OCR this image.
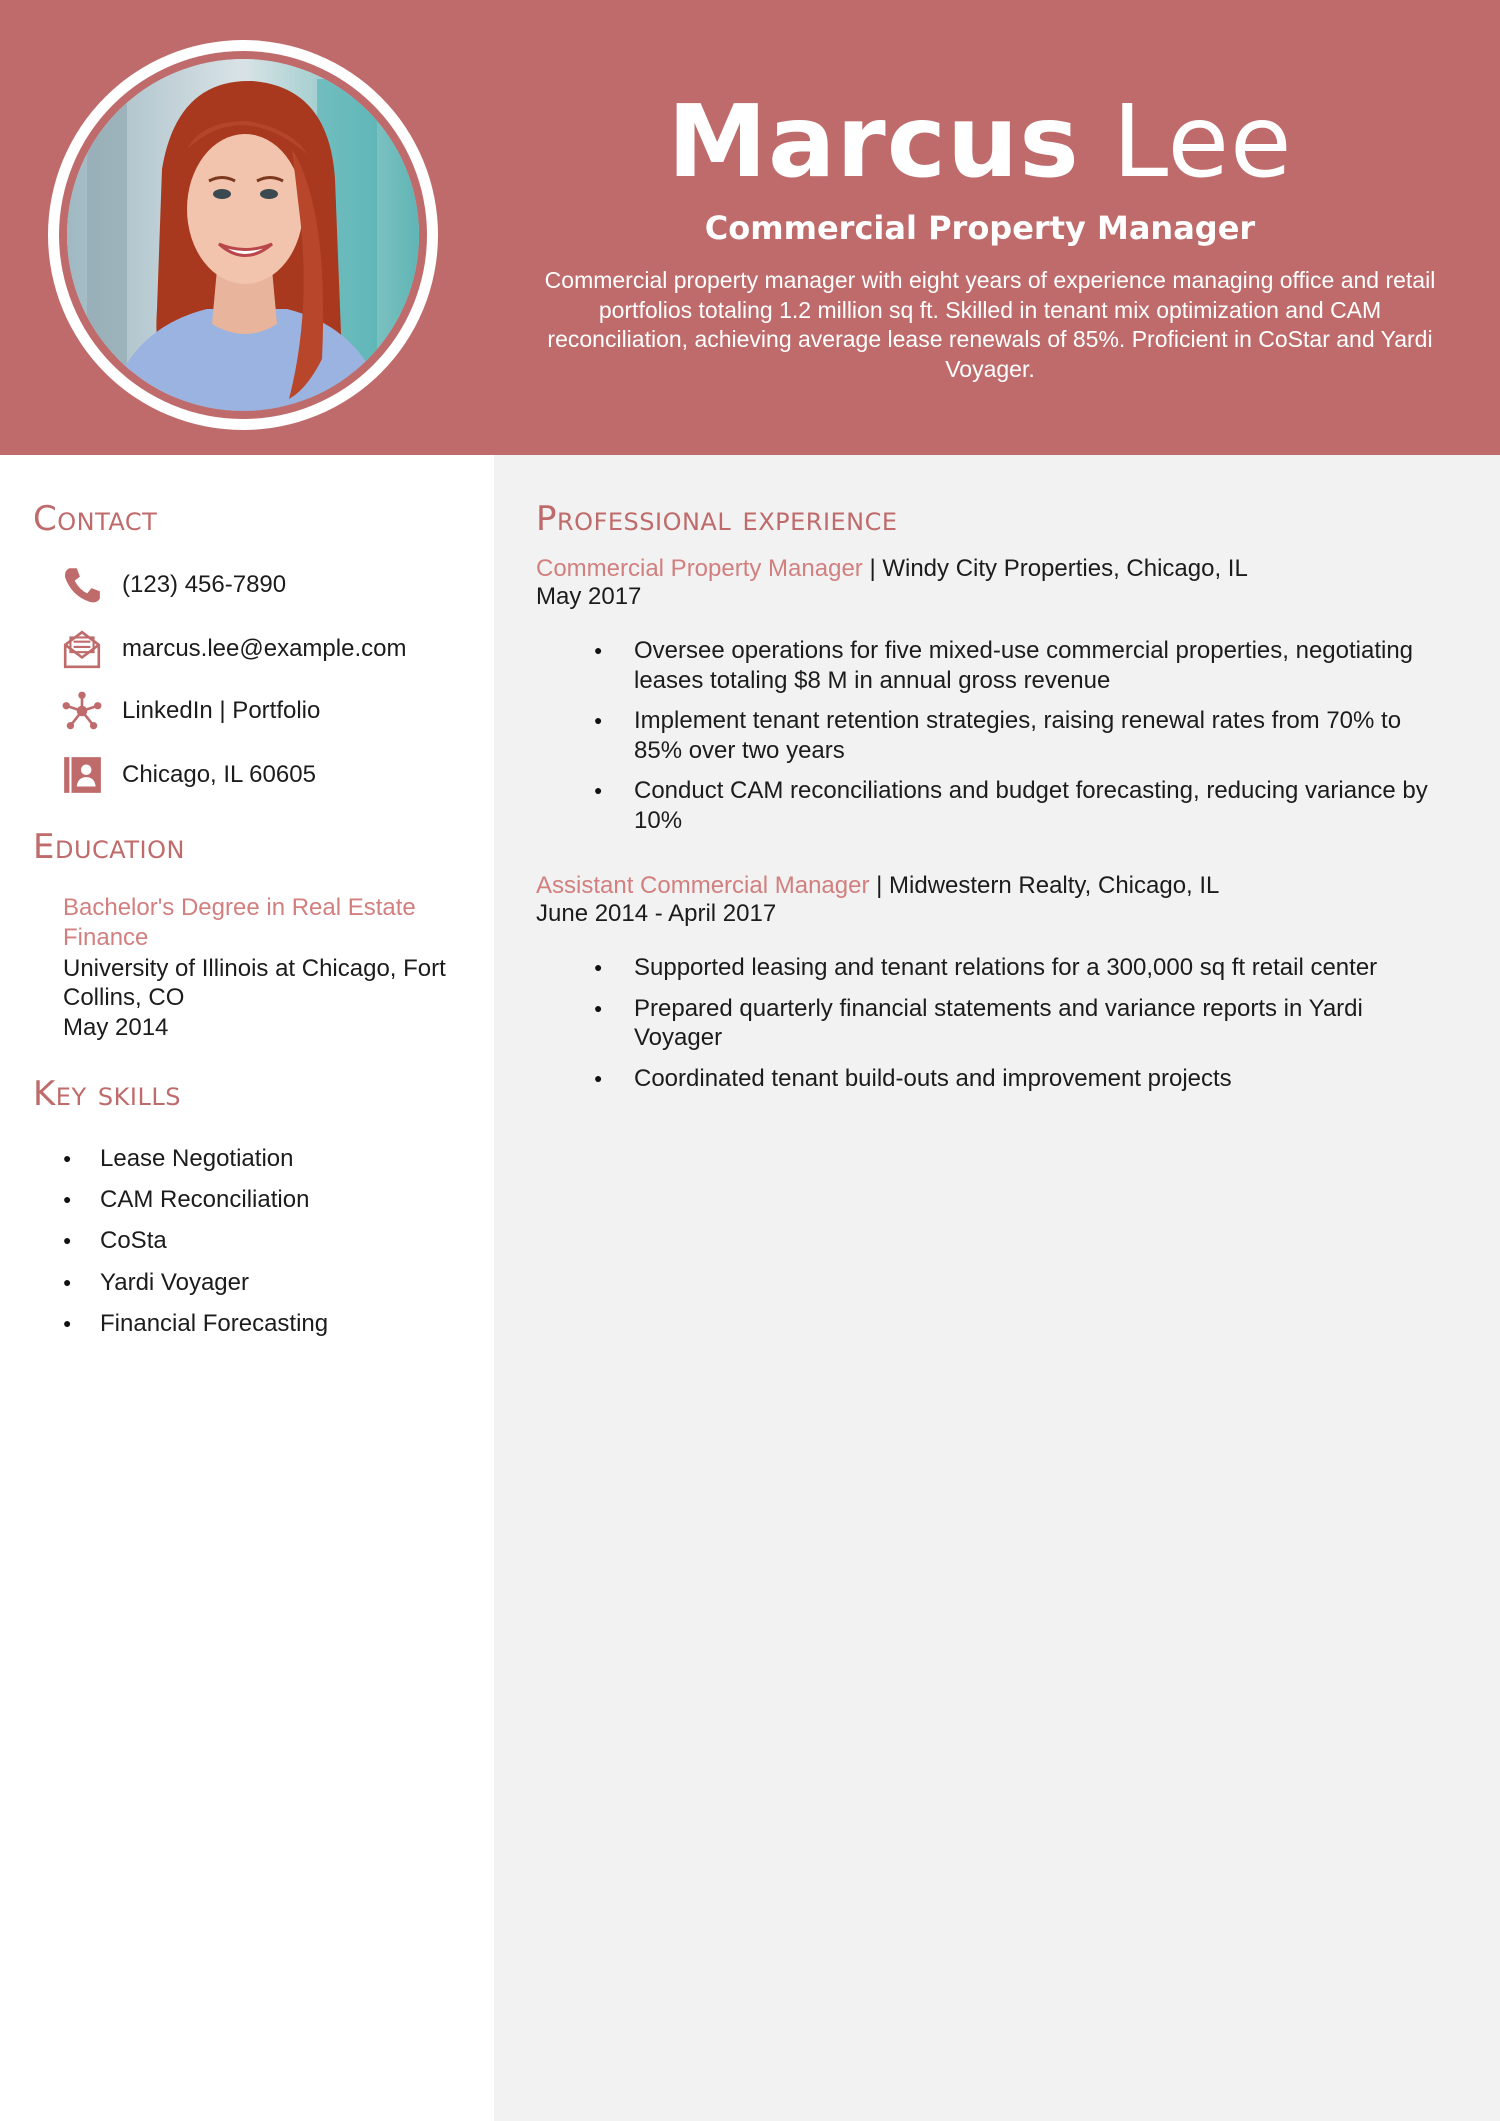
Marcus Lee
Commercial Property Manager
Commercial property manager with eight years of experience managing office and retail portfolios totaling 1.2 million sq ft. Skilled in tenant mix optimization and CAM reconciliation, achieving average lease renewals of 85%. Proficient in CoStar and Yardi Voyager.
Contact
(123) 456-7890
marcus.lee@example.com
LinkedIn | Portfolio
Chicago, IL 60605
Education
Bachelor's Degree in Real Estate Finance
University of Illinois at Chicago, Fort Collins, CO
May 2014
Key skills
● Lease Negotiation
● CAM Reconciliation
● CoSta
● Yardi Voyager
● Financial Forecasting
Professional experience
Commercial Property Manager | Windy City Properties, Chicago, IL
May 2017
● Oversee operations for five mixed-use commercial properties, negotiating leases totaling $8 M in annual gross revenue
● Implement tenant retention strategies, raising renewal rates from 70% to 85% over two years
● Conduct CAM reconciliations and budget forecasting, reducing variance by 10%
Assistant Commercial Manager | Midwestern Realty, Chicago, IL
June 2014 - April 2017
● Supported leasing and tenant relations for a 300,000 sq ft retail center
● Prepared quarterly financial statements and variance reports in Yardi Voyager
● Coordinated tenant build-outs and improvement projects
